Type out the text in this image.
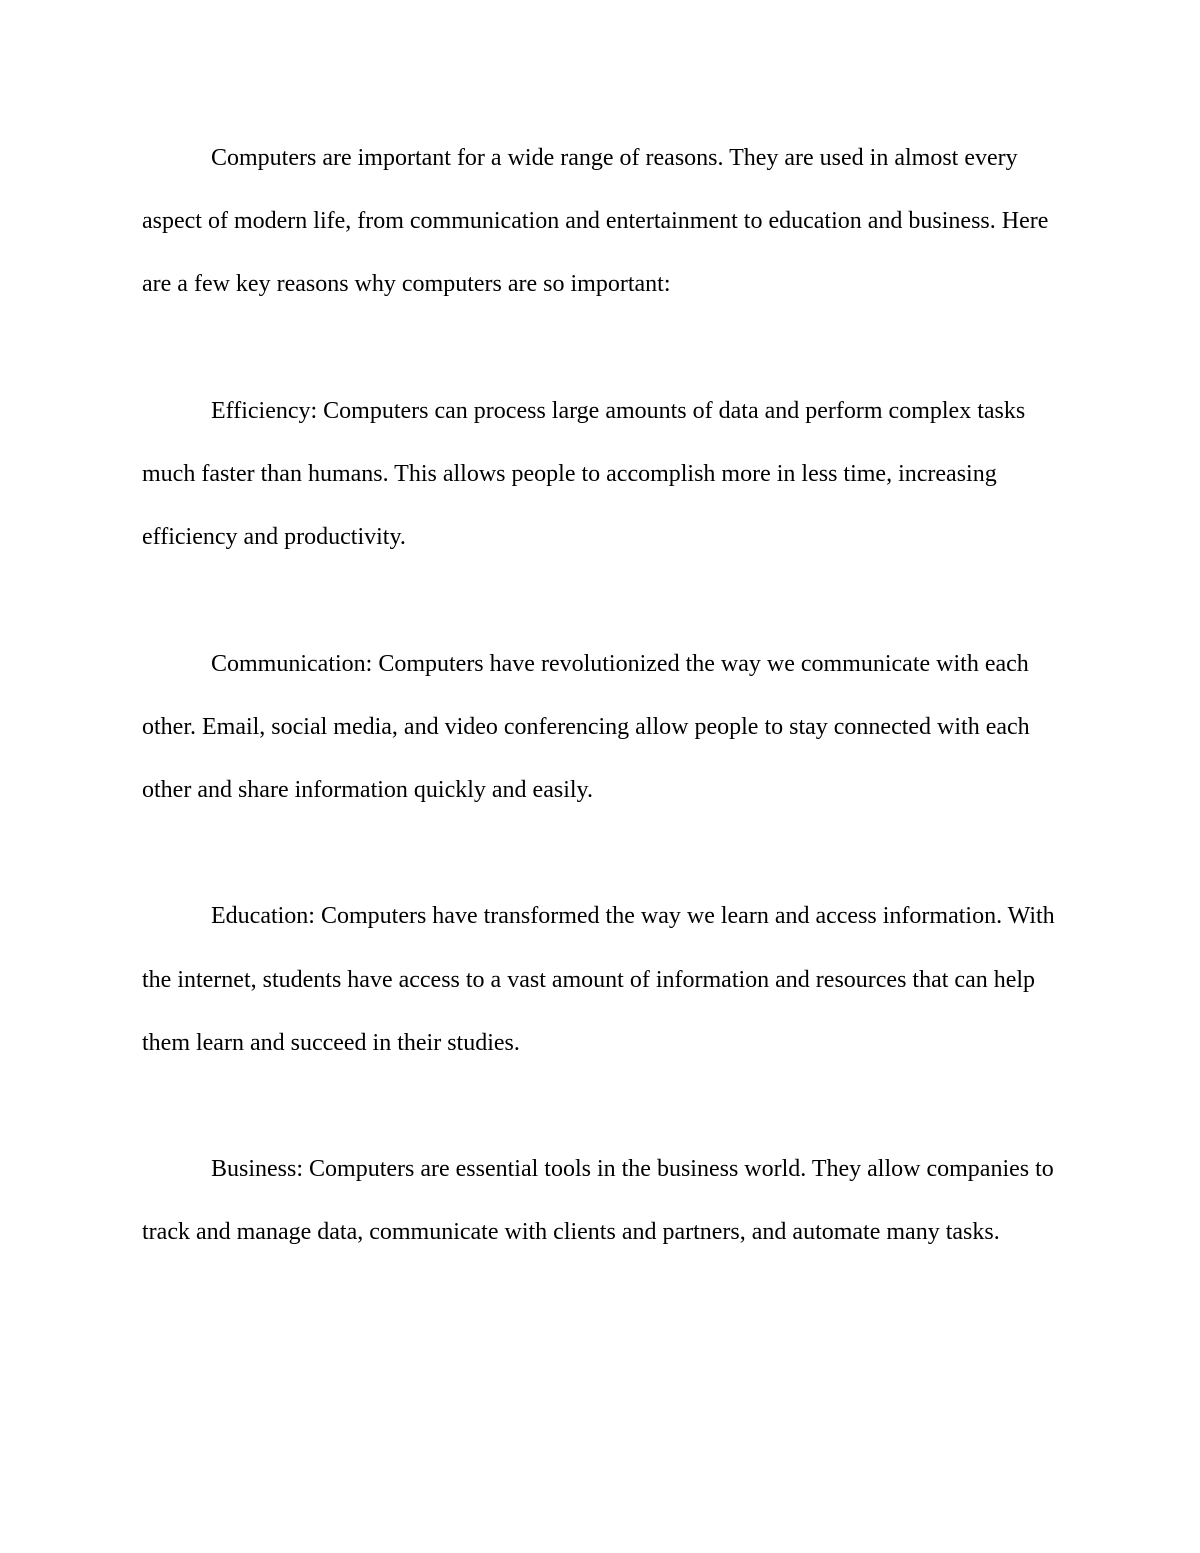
Computers are important for a wide range of reasons. They are used in almost every aspect of modern life, from communication and entertainment to education and business. Here are a few key reasons why computers are so important:

Efficiency: Computers can process large amounts of data and perform complex tasks much faster than humans. This allows people to accomplish more in less time, increasing efficiency and productivity.

Communication: Computers have revolutionized the way we communicate with each other. Email, social media, and video conferencing allow people to stay connected with each other and share information quickly and easily.

Education: Computers have transformed the way we learn and access information. With the internet, students have access to a vast amount of information and resources that can help them learn and succeed in their studies.

Business: Computers are essential tools in the business world. They allow companies to track and manage data, communicate with clients and partners, and automate many tasks.
